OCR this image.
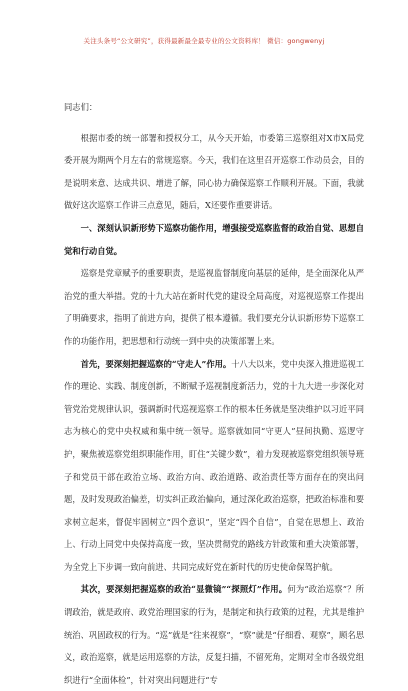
关注头条号“公文研究”，获得最新最全最专业的公文资料库！ 微信：gongwenyj

同志们：

根据市委的统一部署和授权分工，从今天开始，市委第三巡察组对X市X局党委开展为期两个月左右的常规巡察。今天，我们在这里召开巡察工作动员会，目的是说明来意、达成共识、增进了解，同心协力确保巡察工作顺利开展。下面，我就做好这次巡察工作讲三点意见，随后，X还要作重要讲话。

一、深刻认识新形势下巡察功能作用，增强接受巡察监督的政治自觉、思想自觉和行动自觉。

巡察是党章赋予的重要职责，是巡视监督制度向基层的延伸，是全面深化从严治党的重大举措。党的十九大站在新时代党的建设全局高度，对巡视巡察工作提出了明确要求，指明了前进方向，提供了根本遵循。我们要充分认识新形势下巡察工作的功能作用，把思想和行动统一到中央的决策部署上来。

首先，要深刻把握巡察的“守走人”作用。十八大以来，党中央深入推进巡视工作的理论、实践、制度创新，不断赋予巡视制度新活力，党的十九大进一步深化对管党治党规律认识，强调新时代巡视巡察工作的根本任务就是坚决维护以习近平同志为核心的党中央权威和集中统一领导。巡察就如同“守更人”昼间执勤、巡逻守护，聚焦被巡察党组织职能作用，盯住“关键少数”，着力发现被巡察党组织领导班子和党员干部在政治立场、政治方向、政治道路、政治责任等方面存在的突出问题，及时发现政治偏差，切实纠正政治偏向，通过深化政治巡察，把政治标准和要求树立起来，督促牢固树立“四个意识”，坚定“四个自信”，自觉在思想上、政治上、行动上同党中央保持高度一致，坚决贯彻党的路线方针政策和重大决策部署，为全党上下步调一致向前进、共同完成好党在新时代的历史使命保驾护航。

其次，要深刻把握巡察的政治“显微镜”“探照灯”作用。何为“政治巡察”？所谓政治，就是政府、政党治理国家的行为，是制定和执行政策的过程，尤其是维护统治、巩固政权的行为。“巡”就是“往来视察”，“察”就是“仔细看、观察”，顾名思义，政治巡察，就是运用巡察的方法，反复扫描，不留死角，定期对全市各级党组织进行“全面体检”，针对突出问题进行“专
